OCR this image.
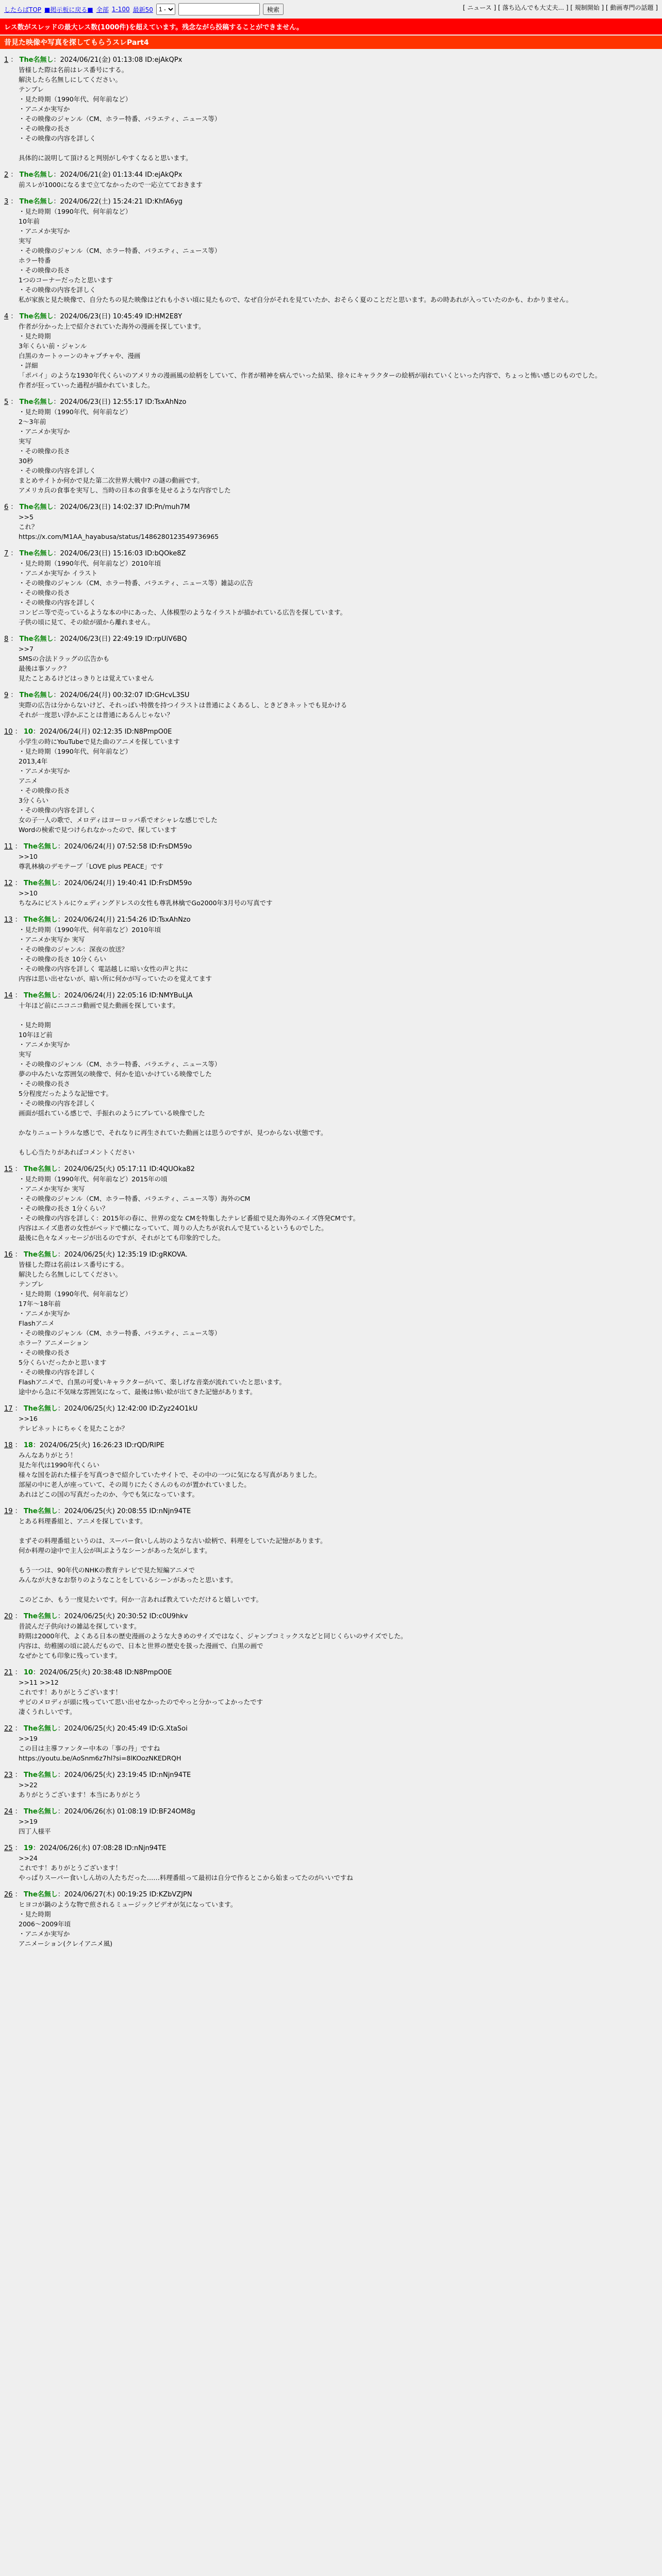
したらばTOP ■掲示板に戻る■ 全部 1-100 最新50
1 -	検索	[ ニュース ] [ 落ち込んでも大丈夫... ] [ 規制開始 ] [ 動画専門の話題 ]
レス数がスレッドの最大レス数(1000件)を超えています。残念ながら投稿することができません。
昔見た映像や写真を探してもらうスレPart4
1 ： The名無し：2024/06/21(金) 01:13:08 ID:ejAkQPx
皆様した際は名前はレス番号にする。
解決したら名無しにしてください。
テンプレ
・見た時期（1990年代、何年前など）
・アニメか実写か
・その映像のジャンル（CM、ホラー特番、バラエティ、ニュース等）
・その映像の長さ
・その映像の内容を詳しく

具体的に説明して頂けると判別がしやすくなると思います。
2 ： The名無し：2024/06/21(金) 01:13:44 ID:ejAkQPx
前スレが1000になるまで立てなかったので一応立てておきます
3 ： The名無し：2024/06/22(土) 15:24:21 ID:KhfA6yg
・見た時期（1990年代、何年前など）
10年前
・アニメか実写か
実写
・その映像のジャンル（CM、ホラー特番、バラエティ、ニュース等）
ホラー特番
・その映像の長さ
1つのコーナーだったと思います
・その映像の内容を詳しく
私が家族と見た映像で、自分たちの見た映像はどれも小さい頃に見たもので、なぜ自分がそれを見ていたか、おそらく夏のことだと思います。あの時あれが入っていたのかも、わかりません。
4 ： The名無し：2024/06/23(日) 10:45:49 ID:HM2E8Y
作者が分かった上で紹介されていた海外の漫画を探しています。
・見た時期
3年くらい前・ジャンル
白黒のカートゥーンのキャプチャや、漫画
・詳細
「ポパイ」のような1930年代くらいのアメリカの漫画風の絵柄をしていて、作者が精神を病んでいった結果、徐々にキャラクターの絵柄が崩れていくといった内容で、ちょっと怖い感じのものでした。
作者が狂っていった過程が描かれていました。
5 ： The名無し：2024/06/23(日) 12:55:17 ID:TsxAhNzo
・見た時期（1990年代、何年前など）
2〜3年前
・アニメか実写か
実写
・その映像の長さ
30秒
・その映像の内容を詳しく
まとめサイトか何かで見た第二次世界大戦中? の謎の動画です。
アメリカ兵の食事を実写し、当時の日本の食事を見せるような内容でした
6 ： The名無し：2024/06/23(日) 14:02:37 ID:Pn/muh7M
>>5
これ？
https://x.com/M1AA_hayabusa/status/1486280123549736965
7 ： The名無し：2024/06/23(日) 15:16:03 ID:bQOke8Z
・見た時期（1990年代、何年前など）2010年頃
・アニメか実写か イラスト
・その映像のジャンル（CM、ホラー特番、バラエティ、ニュース等）雑誌の広告
・その映像の長さ
・その映像の内容を詳しく
コンビニ等で売っているような本の中にあった、人体模型のようなイラストが描かれている広告を探しています。
子供の頃に見て、その絵が頭から離れません。
8 ： The名無し：2024/06/23(日) 22:49:19 ID:rpUiV6BQ
>>7
SMSの合法ドラッグの広告かも
最後は事ソック？
見たことあるけどはっきりとは覚えていません
9 ： The名無し：2024/06/24(月) 00:32:07 ID:GHcvL3SU
実際の広告は分からないけど、それっぽい特徴を持つイラストは普通によくあるし、ときどきネットでも見かける
それが一度思い浮かぶことは普通にあるんじゃない？
10 ： 10：2024/06/24(月) 02:12:35 ID:N8PmpO0E
小学生の時にYouTubeで見た曲のアニメを探しています
・見た時期（1990年代、何年前など）
2013,4年
・アニメか実写か
アニメ
・その映像の長さ
3分くらい
・その映像の内容を詳しく
女の子一人の歌で、メロディはヨーロッパ系でオシャレな感じでした
Wordの検索で見つけられなかったので、探しています
11 ： The名無し：2024/06/24(月) 07:52:58 ID:FrsDM59o
>>10
尊乳林檎のデモテープ「LOVE plus PEACE」です
12 ： The名無し：2024/06/24(月) 19:40:41 ID:FrsDM59o
>>10
ちなみにピストルにウェディングドレスの女性も尊乳林檎でGo2000年3月号の写真です
13 ： The名無し：2024/06/24(月) 21:54:26 ID:TsxAhNzo
・見た時期（1990年代、何年前など）2010年頃
・アニメか実写か 実写
・その映像のジャンル：深夜の放送？
・その映像の長さ 10分くらい
・その映像の内容を詳しく 電話越しに暗い女性の声と共に
内容は思い出せないが、暗い所に何かが写っていたのを覚えてます
14 ： The名無し：2024/06/24(月) 22:05:16 ID:NMYBuLJA
十年ほど前にニコニコ動画で見た動画を探しています。

・見た時期
10年ほど前
・アニメか実写か
実写
・その映像のジャンル（CM、ホラー特番、バラエティ、ニュース等）
夢の中みたいな雰囲気の映像で、何かを追いかけている映像でした
・その映像の長さ
5分程度だったような記憶です。
・その映像の内容を詳しく
画面が揺れている感じで、手振れのようにブレている映像でした

かなりニュートラルな感じで、それなりに再生されていた動画とは思うのですが、見つからない状態です。

もし心当たりがあればコメントください
15 ： The名無し：2024/06/25(火) 05:17:11 ID:4QUOka82
・見た時期（1990年代、何年前など）2015年の頃
・アニメか実写か 実写
・その映像のジャンル（CM、ホラー特番、バラエティ、ニュース等）海外のCM
・その映像の長さ 1分くらい？
・その映像の内容を詳しく：2015年の春に、世界の変な CMを特集したテレビ番組で見た海外のエイズ啓発CMです。
内容はエイズ患者の女性がベッドで横になっていて、周りの人たちが哀れんで見ているというものでした。
最後に色々なメッセージが出るのですが、それがとても印象的でした。
16 ： The名無し：2024/06/25(火) 12:35:19 ID:gRKOVA.
皆様した際は名前はレス番号にする。
解決したら名無しにしてください。
テンプレ
・見た時期（1990年代、何年前など）
17年〜18年前
・アニメか実写か
Flashアニメ
・その映像のジャンル（CM、ホラー特番、バラエティ、ニュース等）
ホラー？アニメーション
・その映像の長さ
5分くらいだったかと思います
・その映像の内容を詳しく
Flashアニメで、白黒の可愛いキャラクターがいて、楽しげな音楽が流れていたと思います。
途中から急に不気味な雰囲気になって、最後は怖い絵が出てきた記憶があります。
17 ： The名無し：2024/06/25(火) 12:42:00 ID:Zyz24O1kU
>>16
テレビネットにちゃくを見たことか？
18 ： 18：2024/06/25(火) 16:26:23 ID:rQD/RIPE
みんなありがとう！
見た年代は1990年代くらい
様々な国を訪れた様子を写真つきで紹介していたサイトで、その中の一つに気になる写真がありました。
部屋の中に老人が座っていて、その周りにたくさんのものが置かれていました。
あれはどこの国の写真だったのか、今でも気になっています。
19 ： The名無し：2024/06/25(火) 20:08:55 ID:nNjn94TE
とある料理番組と、アニメを探しています。

まずその料理番組というのは、スーパー食いしん坊のような古い絵柄で、料理をしていた記憶があります。
何か料理の途中で主人公が叫ぶようなシーンがあった気がします。

もう一つは、90年代のNHKの教育テレビで見た短編アニメで
みんなが大きなお祭りのようなことをしているシーンがあったと思います。

このどこか、もう一度見たいです。何か一言あれば教えていただけると嬉しいです。
20 ： The名無し：2024/06/25(火) 20:30:52 ID:c0U9hkv
昔読んだ子供向けの雑誌を探しています。
時期は2000年代、よくある日本の歴史漫画のような大きめのサイズではなく、ジャンプコミックスなどと同じくらいのサイズでした。
内容は、幼稚園の頃に読んだもので、日本と世界の歴史を扱った漫画で、白黒の画で
なぜかとても印象に残っています。
21 ： 10：2024/06/25(火) 20:38:48 ID:N8PmpO0E
>>11 >>12
これです！ありがとうございます！
サビのメロディが頭に残っていて思い出せなかったのでやっと分かってよかったです
凄くうれしいです。
22 ： The名無し：2024/06/25(火) 20:45:49 ID:G.XtaSoi
>>19
この目は主導ファンター中本の「事の丹」ですね
https://youtu.be/AoSnm6z7hl?si=8lKOozNKEDRQH
23 ： The名無し：2024/06/25(火) 23:19:45 ID:nNjn94TE
>>22
ありがとうございます！本当にありがとう
24 ： The名無し：2024/06/26(水) 01:08:19 ID:BF24OM8g
>>19
四丁人様平
25 ： 19：2024/06/26(水) 07:08:28 ID:nNjn94TE
>>24
これです！ありがとうございます！
やっぱりスーパー食いしん坊の人たちだった……料理番組って最初は自分で作るとこから始まってたのがいいですね
26 ： The名無し：2024/06/27(木) 00:19:25 ID:KZbVZJPN
ヒヨコが鍋のような物で煎されるミュージックビデオが気になっています。
・見た時期
2006〜2009年頃
・アニメか実写か
アニメーション(クレイアニメ風)
